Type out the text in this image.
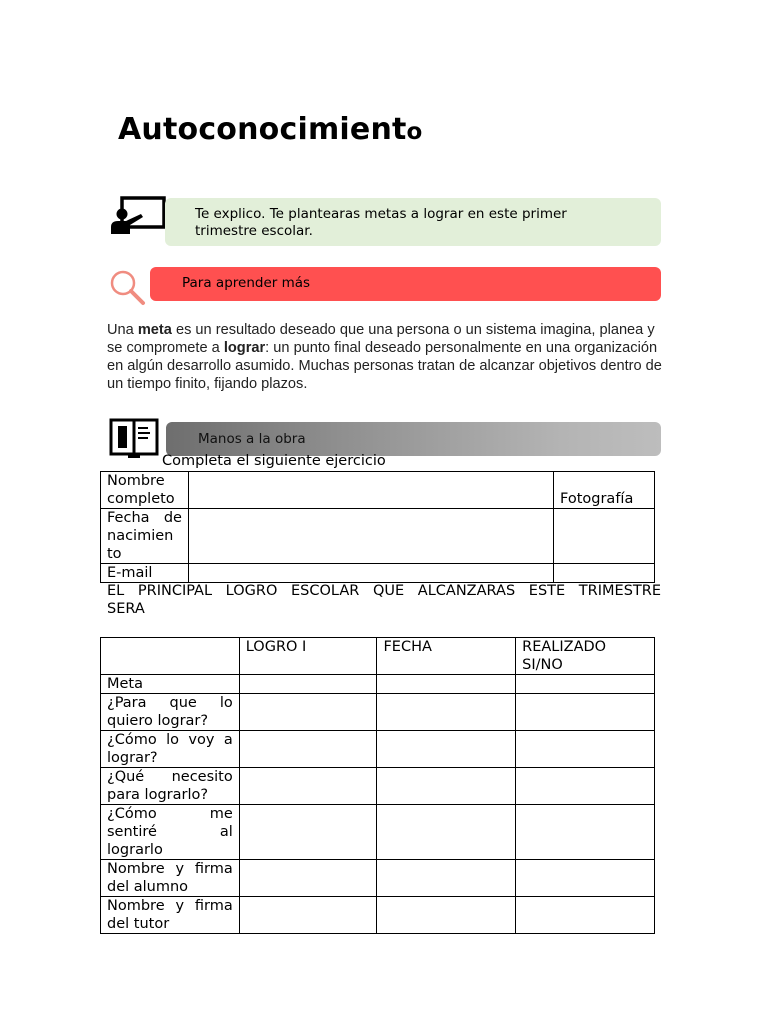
Autoconocimiento
Te explico. Te plantearas metas a lograr en este primer
trimestre escolar.
Para aprender más
Una meta es un resultado deseado que una persona o un sistema imagina, planea y se compromete a lograr: un punto final deseado personalmente en una organización en algún desarrollo asumido. Muchas personas tratan de alcanzar objetivos dentro de un tiempo finito, fijando plazos.
Manos a la obra
Completa el siguiente ejercicio
Nombre
completo		Fotografía

Fecha de
nacimien
to		

E-mail		

EL PRINCIPAL LOGRO ESCOLAR QUE ALCANZARAS ESTE TRIMESTRE
SERA
	LOGRO I	FECHA	REALIZADO SI/NO

Meta			

¿Para que lo
quiero lograr?			

¿Cómo lo voy a
lograr?			

¿Qué necesito
para lograrlo?			

¿Cómo me
sentiré al
lograrlo			

Nombre y firma
del alumno			

Nombre y firma
del tutor			
